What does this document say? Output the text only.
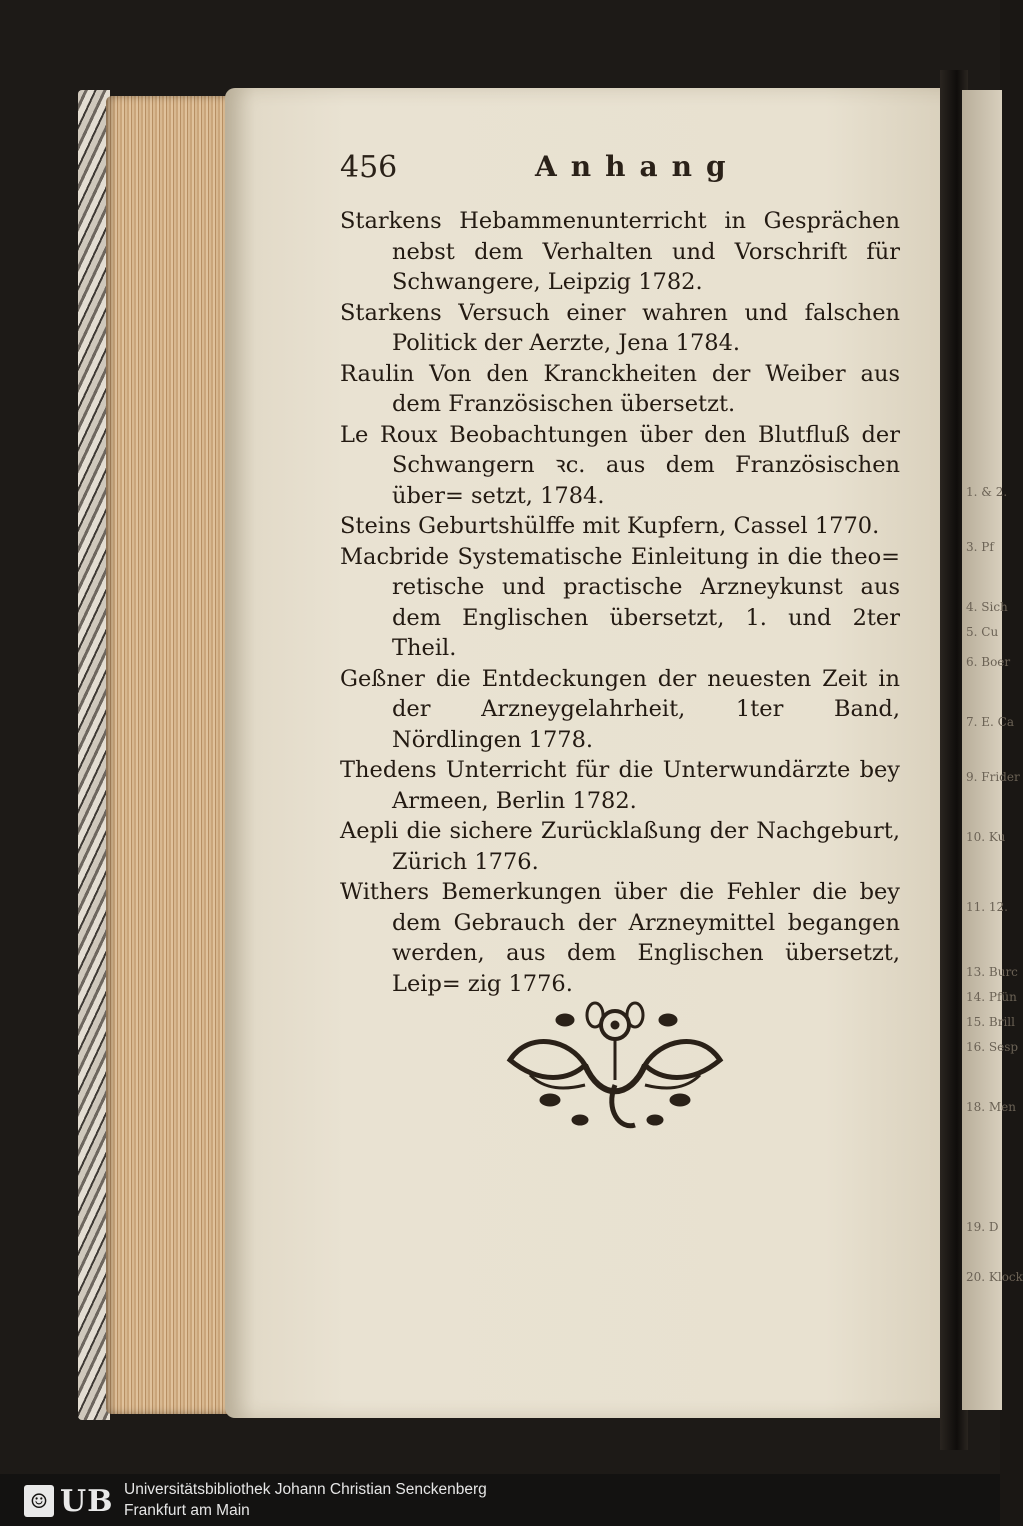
1. & 2.
3. Pf
4. Sich
5. Cu
6. Boer
7. E. Ca
9. Frider
10. Ku
11. 12.
13. Burc
14. Pfün
15. Brill
16. Sesp
18. Men
19. D
20. Klock
456	Anhang

Starkens Hebammenunterricht in Gesprächen nebst dem Verhalten und Vorschrift für Schwangere, Leipzig 1782.

Starkens Versuch einer wahren und falschen Politick der Aerzte, Jena 1784.

Raulin Von den Kranckheiten der Weiber aus dem Französischen übersetzt.

Le Roux Beobachtungen über den Blutfluß der Schwangern ꝛc. aus dem Französischen über= setzt, 1784.

Steins Geburtshülffe mit Kupfern, Cassel 1770.

Macbride Systematische Einleitung in die theo= retische und practische Arzneykunst aus dem Englischen übersetzt, 1. und 2ter Theil.

Geßner die Entdeckungen der neuesten Zeit in der Arzneygelahrheit, 1ter Band, Nördlingen 1778.

Thedens Unterricht für die Unterwundärzte bey Armeen, Berlin 1782.

Aepli die sichere Zurücklaßung der Nachgeburt, Zürich 1776.

Withers Bemerkungen über die Fehler die bey dem Gebrauch der Arzneymittel begangen werden, aus dem Englischen übersetzt, Leip= zig 1776.

☺ UB Universitätsbibliothek Johann Christian Senckenberg
Frankfurt am Main
